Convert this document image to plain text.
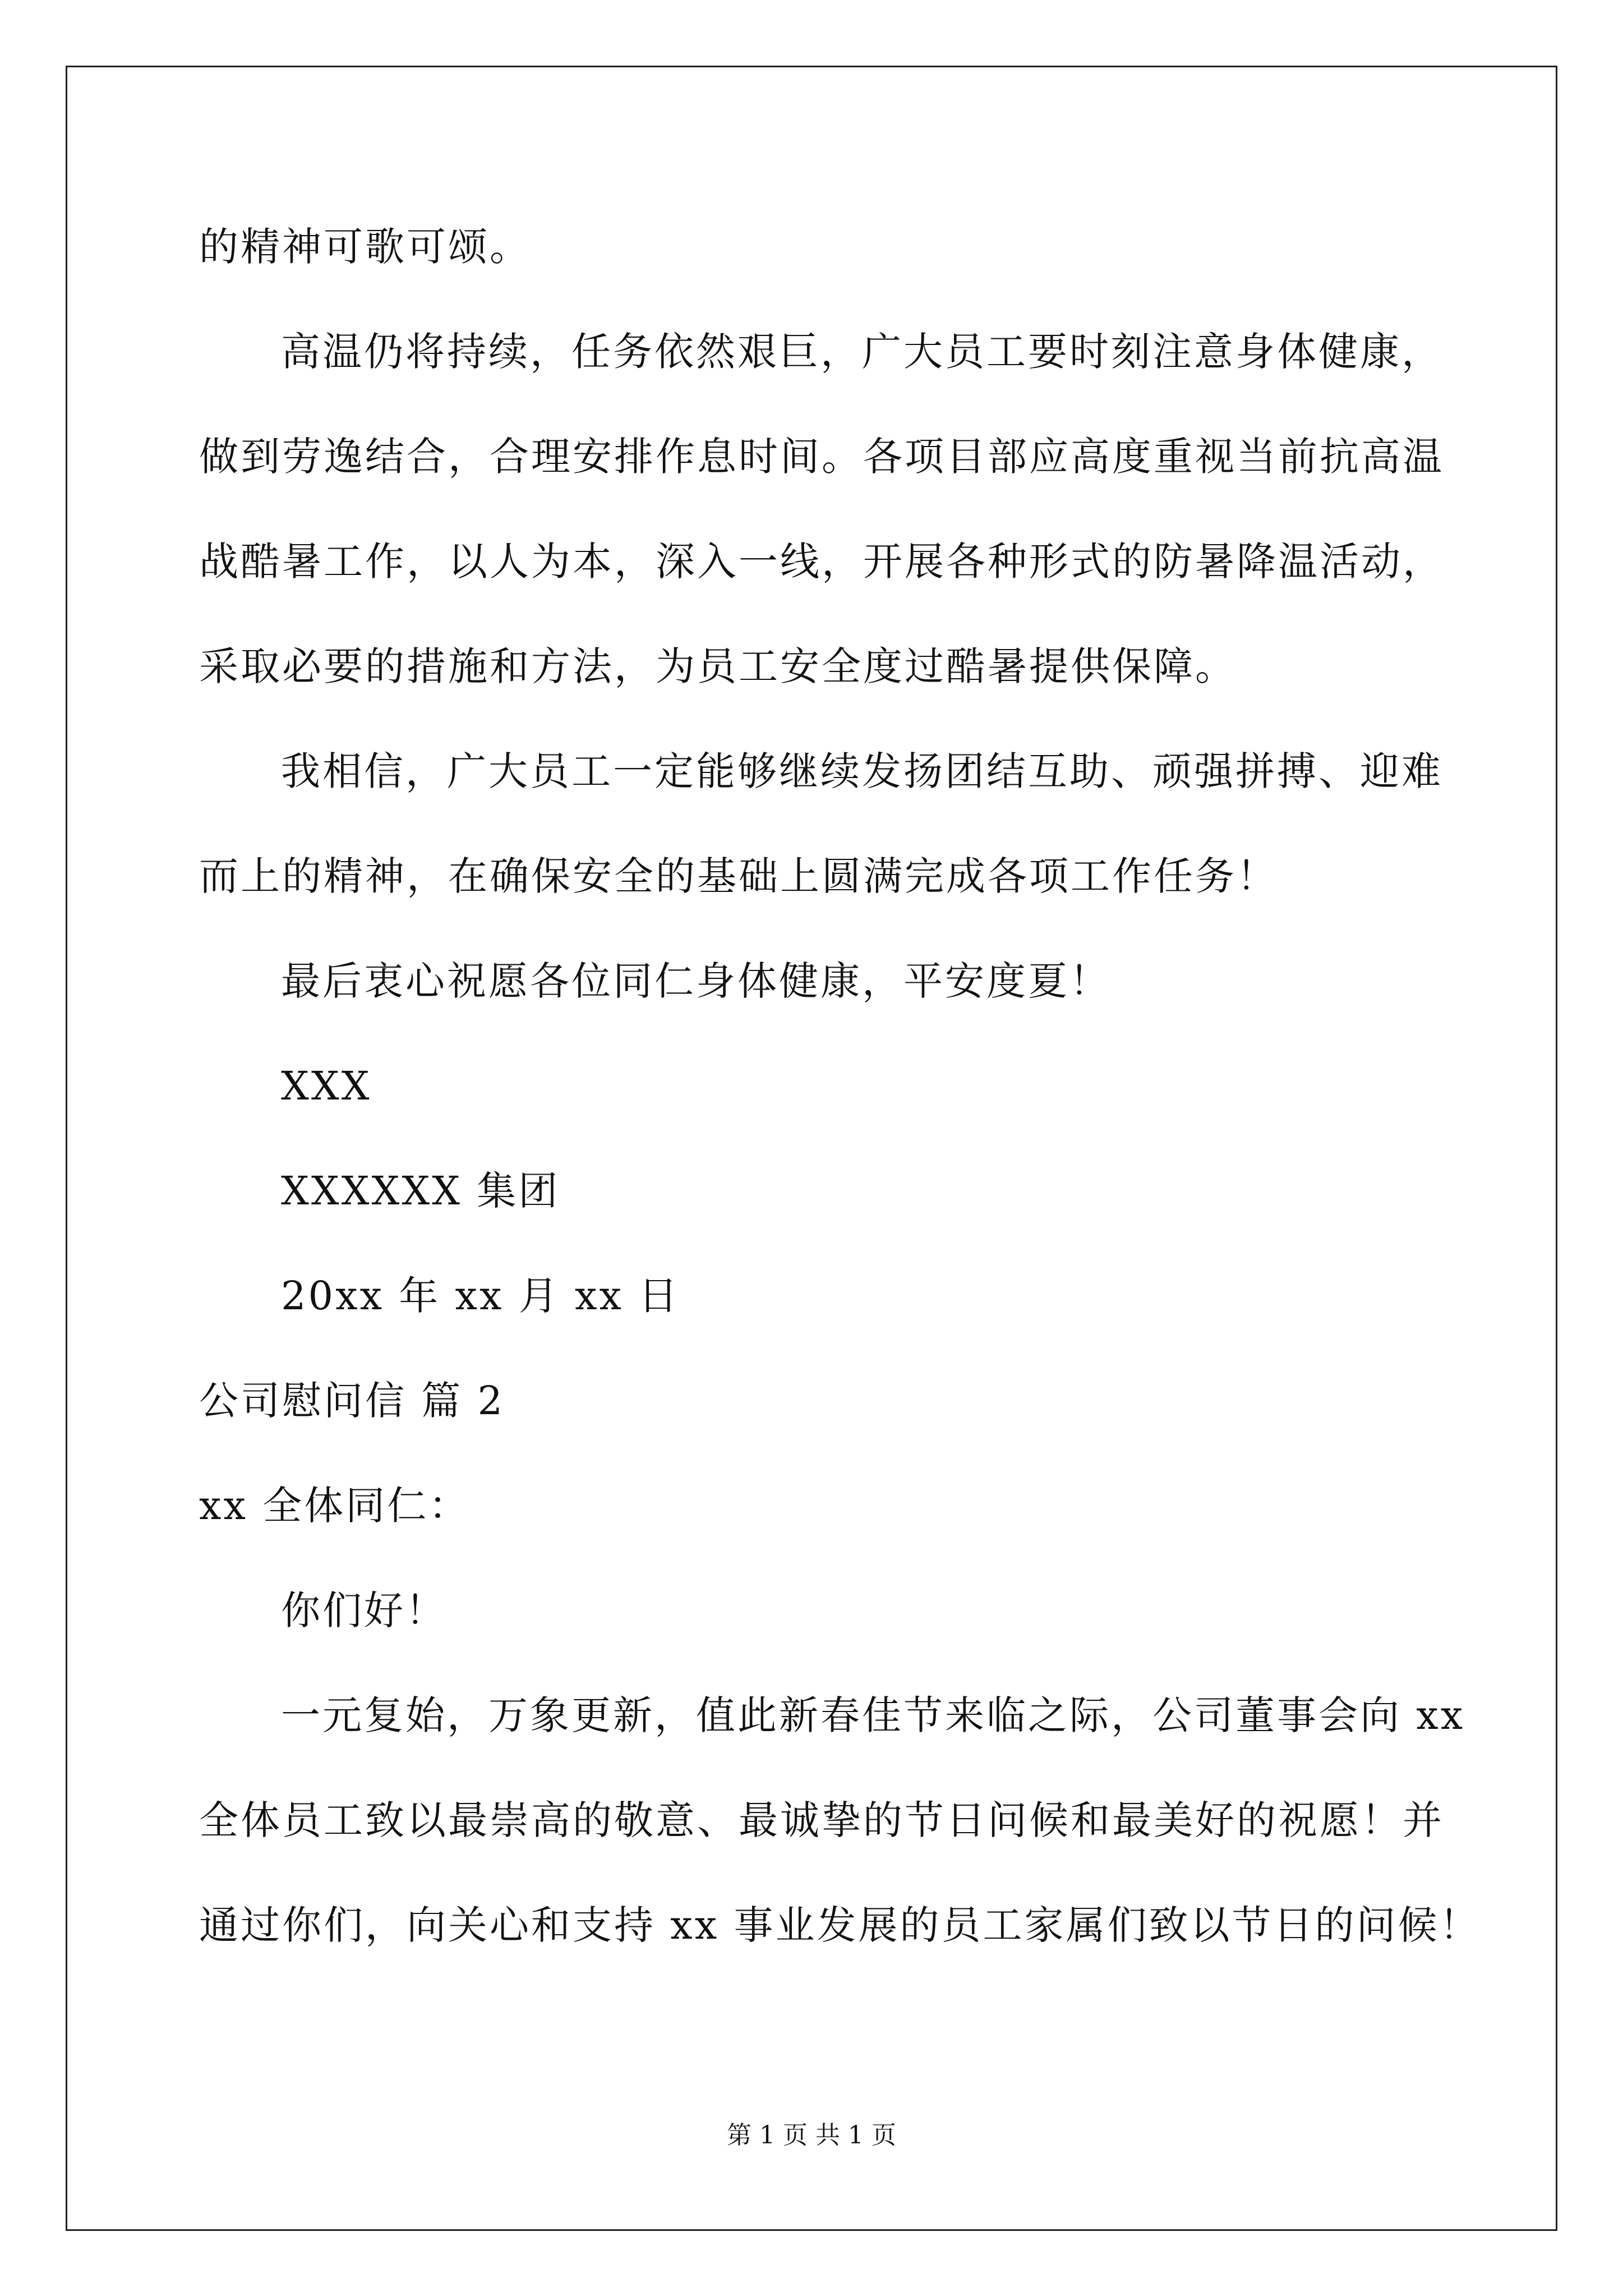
的精神可歌可颂。
高温仍将持续，任务依然艰巨，广大员工要时刻注意身体健康，
做到劳逸结合，合理安排作息时间。各项目部应高度重视当前抗高温
战酷暑工作，以人为本，深入一线，开展各种形式的防暑降温活动，
采取必要的措施和方法，为员工安全度过酷暑提供保障。
我相信，广大员工一定能够继续发扬团结互助、顽强拼搏、迎难
而上的精神，在确保安全的基础上圆满完成各项工作任务！
最后衷心祝愿各位同仁身体健康，平安度夏！
XXX
XXXXXX 集团
20xx 年 xx 月 xx 日
公司慰问信 篇 2
xx 全体同仁：
你们好！
一元复始，万象更新，值此新春佳节来临之际，公司董事会向 xx
全体员工致以最崇高的敬意、最诚挚的节日问候和最美好的祝愿！并
通过你们，向关心和支持 xx 事业发展的员工家属们致以节日的问候！
第 1 页 共 1 页
